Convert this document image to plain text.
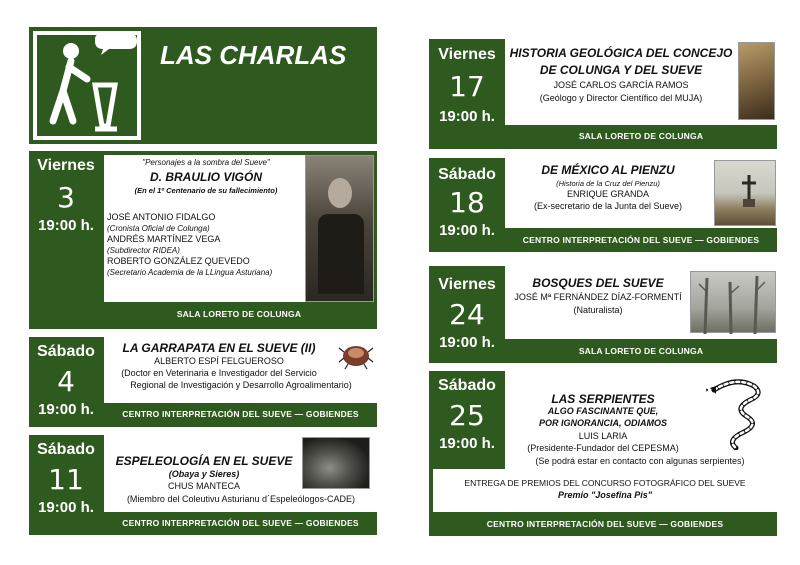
LAS CHARLAS
Viernes
3
19:00 h.
"Personajes a la sombra del Sueve"
D. BRAULIO VIGÓN
(En el 1º Centenario de su fallecimiento)
JOSÉ ANTONIO FIDALGO
(Cronista Oficial de Colunga)
ANDRÉS MARTÍNEZ VEGA
(Subdirector RIDEA)
ROBERTO GONZÁLEZ QUEVEDO
(Secretario Academia de la LLingua Asturiana)
SALA LORETO DE COLUNGA
Sábado
4
19:00 h.
LA GARRAPATA EN EL SUEVE (II)
ALBERTO ESPÍ FELGUEROSO
(Doctor en Veterinaria e Investigador del Servicio
Regional de Investigación y Desarrollo Agroalimentario)
CENTRO INTERPRETACIÓN DEL SUEVE — GOBIENDES
Sábado
11
19:00 h.
ESPELEOLOGÍA EN EL SUEVE
(Obaya y Sieres)
CHUS MANTECA
(Miembro del Coleutivu Asturianu d´Espeleólogos-CADE)
CENTRO INTERPRETACIÓN DEL SUEVE — GOBIENDES
Viernes
17
19:00 h.
HISTORIA GEOLÓGICA DEL CONCEJO
DE COLUNGA Y DEL SUEVE
JOSÉ CARLOS GARCÍA RAMOS
(Geólogo y Director Científico del MUJA)
SALA LORETO DE COLUNGA
Sábado
18
19:00 h.
DE MÉXICO AL PIENZU
(Historia de la Cruz del Pienzu)
ENRIQUE GRANDA
(Ex-secretario de la Junta del Sueve)
CENTRO INTERPRETACIÓN DEL SUEVE — GOBIENDES
Viernes
24
19:00 h.
BOSQUES DEL SUEVE
JOSÉ Mª FERNÁNDEZ DÍAZ-FORMENTÍ
(Naturalista)
SALA LORETO DE COLUNGA
Sábado
25
19:00 h.
LAS SERPIENTES
ALGO FASCINANTE QUE,
POR IGNORANCIA, ODIAMOS
LUIS LARIA
(Presidente-Fundador del CEPESMA)
(Se podrá estar en contacto con algunas serpientes)
ENTREGA DE PREMIOS DEL CONCURSO FOTOGRÁFICO DEL SUEVE
Premio "Josefina Pis"
CENTRO INTERPRETACIÓN DEL SUEVE — GOBIENDES
